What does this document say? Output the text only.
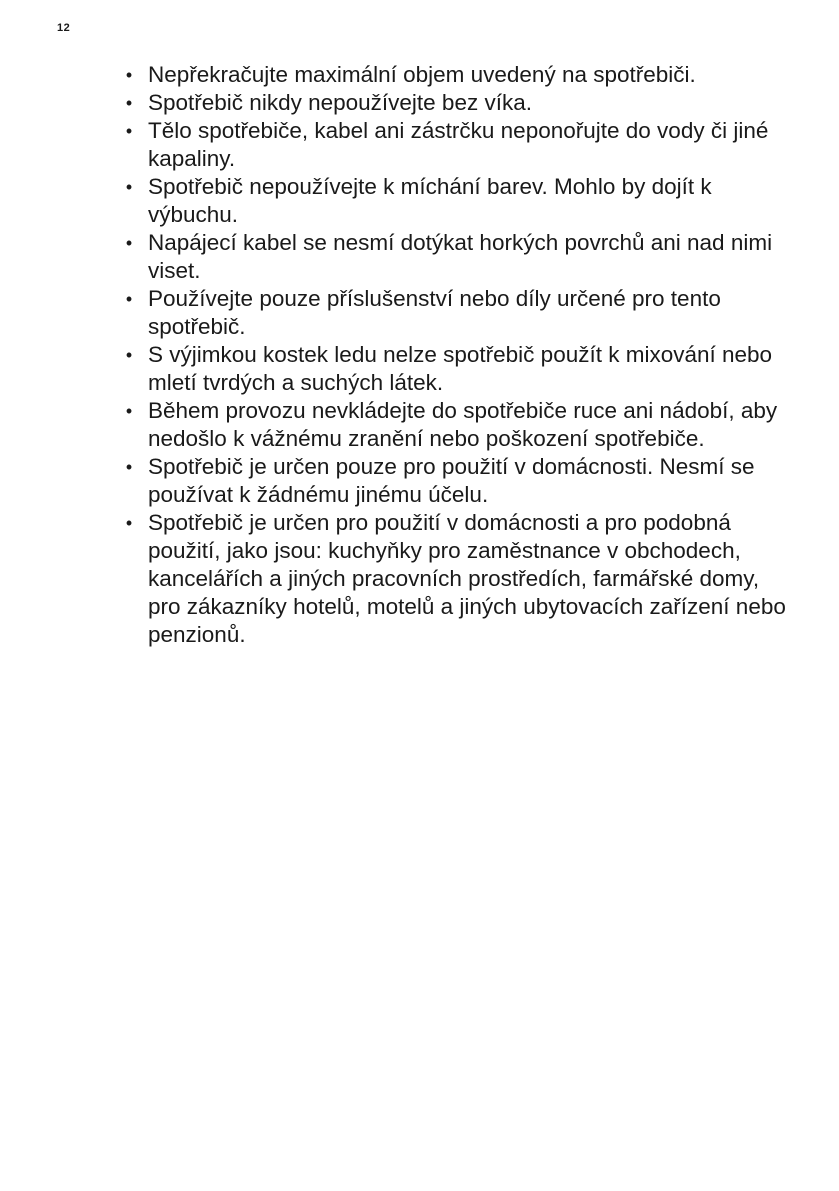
12
• Nepřekračujte maximální objem uvedený na spotřebiči.
• Spotřebič nikdy nepoužívejte bez víka.
• Tělo spotřebiče, kabel ani zástrčku neponořujte do vody či jiné kapaliny.
• Spotřebič nepoužívejte k míchání barev. Mohlo by dojít k výbuchu.
• Napájecí kabel se nesmí dotýkat horkých povrchů ani nad nimi viset.
• Používejte pouze příslušenství nebo díly určené pro tento spotřebič.
• S výjimkou kostek ledu nelze spotřebič použít k mixování nebo mletí tvrdých a suchých látek.
• Během provozu nevkládejte do spotřebiče ruce ani nádobí, aby nedošlo k vážnému zranění nebo poškození spotřebiče.
• Spotřebič je určen pouze pro použití v domácnosti. Nesmí se používat k žádnému jinému účelu.
• Spotřebič je určen pro použití v domácnosti a pro podobná použití, jako jsou: kuchyňky pro zaměstnance v obchodech, kancelářích a jiných pracovních prostředích, farmářské domy, pro zákazníky hotelů, motelů a jiných ubytovacích zařízení nebo penzionů.
